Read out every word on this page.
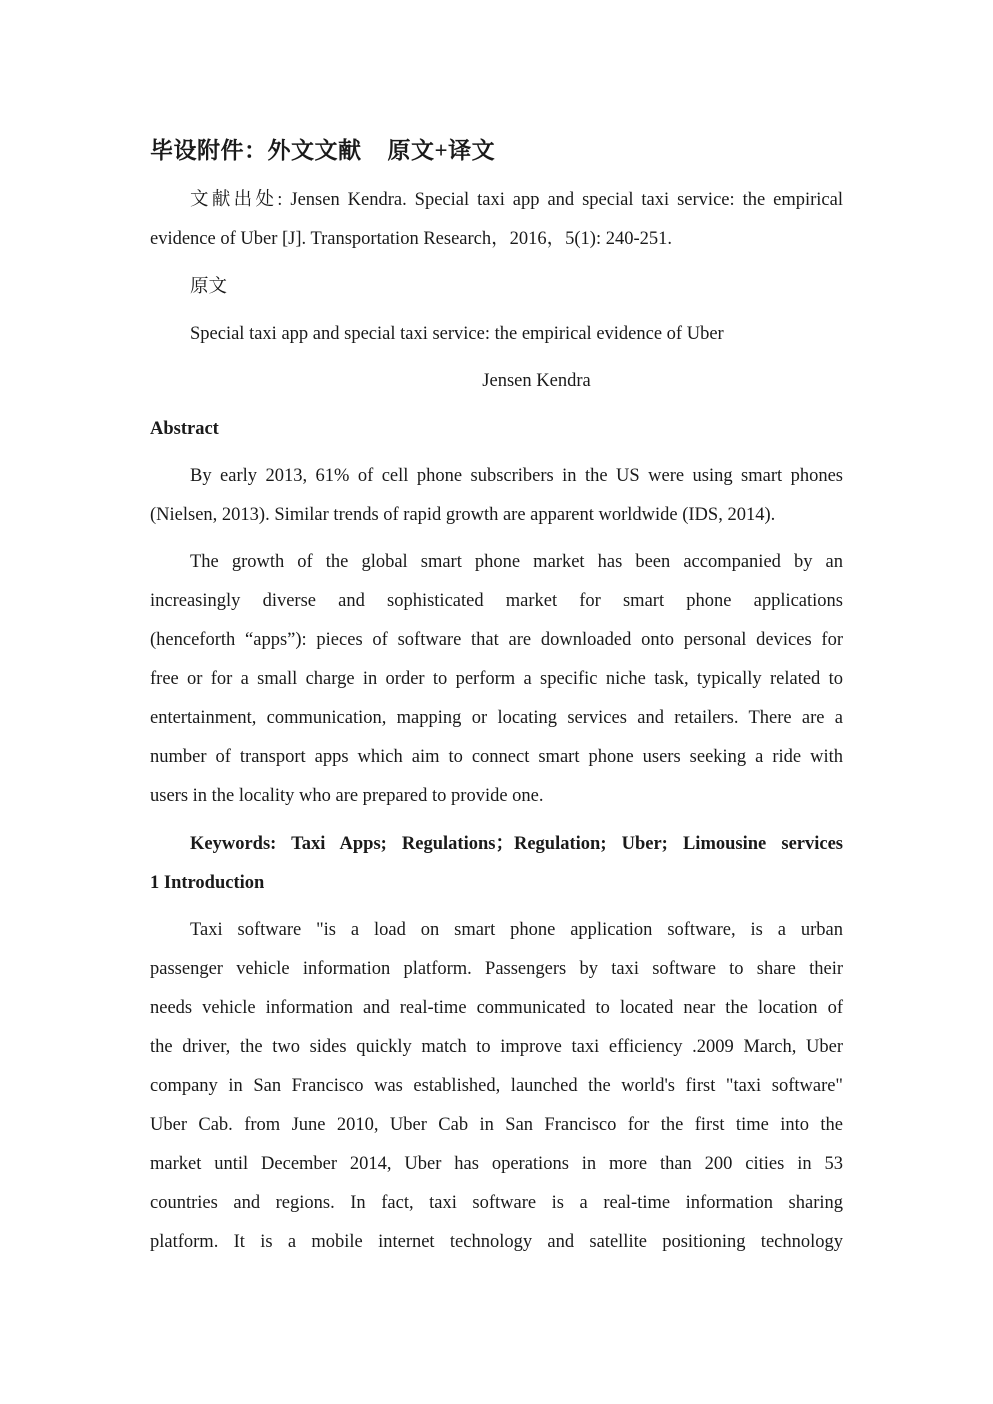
毕设附件：外文文献 原文+译文
文献出处: Jensen Kendra. Special taxi app and special taxi service: the empirical
evidence of Uber [J]. Transportation Research，2016，5(1): 240-251.
原文
Special taxi app and special taxi service: the empirical evidence of Uber
Jensen Kendra
Abstract
By early 2013, 61% of cell phone subscribers in the US were using smart phones
(Nielsen, 2013). Similar trends of rapid growth are apparent worldwide (IDS, 2014).
The growth of the global smart phone market has been accompanied by an
increasingly diverse and sophisticated market for smart phone applications
(henceforth “apps”): pieces of software that are downloaded onto personal devices for
free or for a small charge in order to perform a specific niche task, typically related to
entertainment, communication, mapping or locating services and retailers. There are a
number of transport apps which aim to connect smart phone users seeking a ride with
users in the locality who are prepared to provide one.
Keywords: Taxi Apps; Regulations；Regulation; Uber; Limousine services
1 Introduction
Taxi software "is a load on smart phone application software, is a urban
passenger vehicle information platform. Passengers by taxi software to share their
needs vehicle information and real-time communicated to located near the location of
the driver, the two sides quickly match to improve taxi efficiency .2009 March, Uber
company in San Francisco was established, launched the world's first "taxi software"
Uber Cab. from June 2010, Uber Cab in San Francisco for the first time into the
market until December 2014, Uber has operations in more than 200 cities in 53
countries and regions. In fact, taxi software is a real-time information sharing
platform. It is a mobile internet technology and satellite positioning technology
